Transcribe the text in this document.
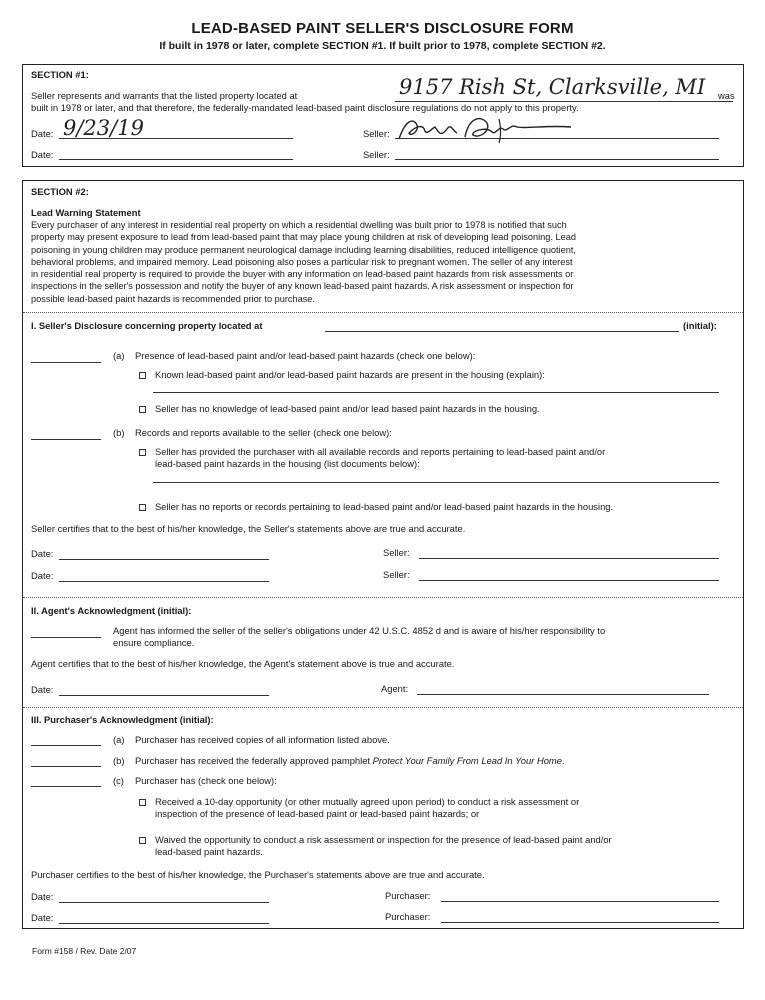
LEAD-BASED PAINT SELLER'S DISCLOSURE FORM
If built in 1978 or later, complete SECTION #1. If built prior to 1978, complete SECTION #2.
SECTION #1:
Seller represents and warrants that the listed property located at	9157 Rish St, Clarksville, MI was
built in 1978 or later, and that therefore, the federally-mandated lead-based paint disclosure regulations do not apply to this property.
Date: 9/23/19	Seller:
Date:	Seller:
SECTION #2:
Lead Warning Statement
Every purchaser of any interest in residential real property on which a residential dwelling was built prior to 1978 is notified that such
property may present exposure to lead from lead-based paint that may place young children at risk of developing lead poisoning. Lead
poisoning in young children may produce permanent neurological damage including learning disabilities, reduced intelligence quotient,
behavioral problems, and impaired memory. Lead poisoning also poses a particular risk to pregnant women. The seller of any interest
in residential real property is required to provide the buyer with any information on lead-based paint hazards from risk assessments or
inspections in the seller's possession and notify the buyer of any known lead-based paint hazards. A risk assessment or inspection for
possible lead-based paint hazards is recommended prior to purchase.
I. Seller's Disclosure concerning property located at	(initial):
(a) Presence of lead-based paint and/or lead-based paint hazards (check one below):
Known lead-based paint and/or lead-based paint hazards are present in the housing (explain):
Seller has no knowledge of lead-based paint and/or lead based paint hazards in the housing.
(b) Records and reports available to the seller (check one below):
Seller has provided the purchaser with all available records and reports pertaining to lead-based paint and/or
lead-based paint hazards in the housing (list documents below):
Seller has no reports or records pertaining to lead-based paint and/or lead-based paint hazards in the housing.
Seller certifies that to the best of his/her knowledge, the Seller's statements above are true and accurate.
Date:	Seller:
Date:	Seller:
II. Agent's Acknowledgment (initial):
Agent has informed the seller of the seller's obligations under 42 U.S.C. 4852 d and is aware of his/her responsibility to
ensure compliance.
Agent certifies that to the best of his/her knowledge, the Agent's statement above is true and accurate.
Date:	Agent:
III. Purchaser's Acknowledgment (initial):
(a) Purchaser has received copies of all information listed above.
(b) Purchaser has received the federally approved pamphlet Protect Your Family From Lead In Your Home.
(c) Purchaser has (check one below):
Received a 10-day opportunity (or other mutually agreed upon period) to conduct a risk assessment or
inspection of the presence of lead-based paint or lead-based paint hazards; or
Waived the opportunity to conduct a risk assessment or inspection for the presence of lead-based paint and/or
lead-based paint hazards.
Purchaser certifies to the best of his/her knowledge, the Purchaser's statements above are true and accurate.
Date:	Purchaser:
Date:	Purchaser:
Form #158 / Rev. Date 2/07
